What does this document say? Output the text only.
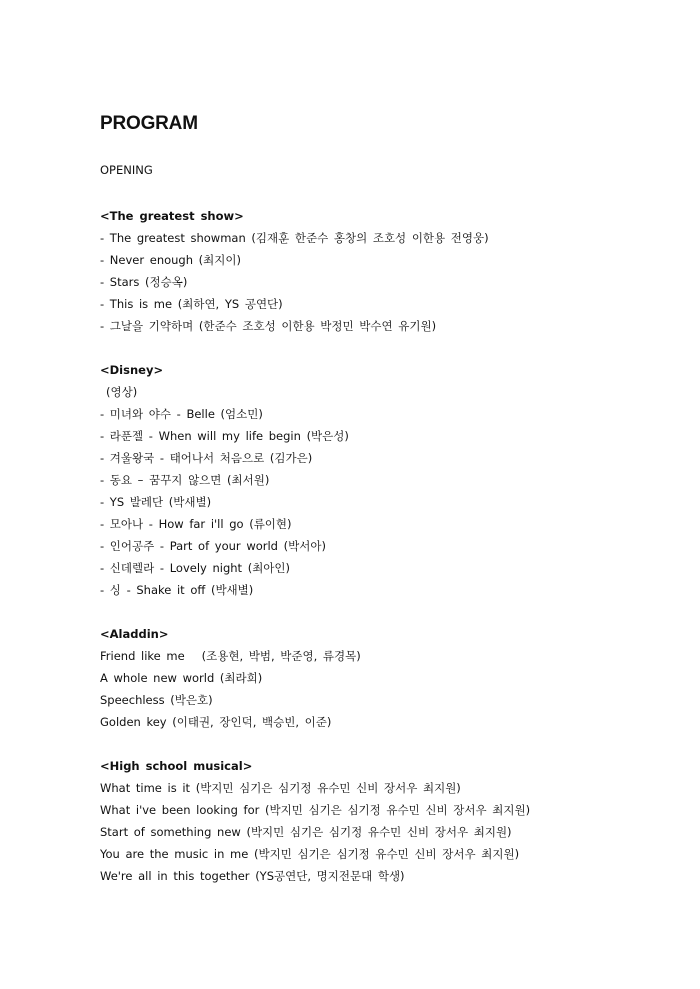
PROGRAM

OPENING

<The greatest show>

- The greatest showman (김재훈 한준수 홍창의 조호성 이한용 전영웅)

- Never enough (최지이)

- Stars (정승옥)

- This is me (최하연, YS 공연단)

- 그날을 기약하며 (한준수 조호성 이한용 박정민 박수연 유기원)

<Disney>

(영상)

- 미녀와 야수 - Belle (엄소민)

- 라푼젤 - When will my life begin (박은성)

- 겨울왕국 - 태어나서 처음으로 (김가은)

- 동요 – 꿈꾸지 않으면 (최서원)

- YS 발레단 (박새별)

- 모아나 - How far i'll go (류이현)

- 인어공주 - Part of your world (박서아)

- 신데렐라 - Lovely night (최아인)

- 싱 - Shake it off (박새별)

<Aladdin>

Friend like me   (조용현, 박범, 박준영, 류경목)

A whole new world (최라희)

Speechless (박은호)

Golden key (이태권, 장인덕, 백승빈, 이준)

<High school musical>

What time is it (박지민 심기은 심기정 유수민 신비 장서우 최지원)

What i've been looking for (박지민 심기은 심기정 유수민 신비 장서우 최지원)

Start of something new (박지민 심기은 심기정 유수민 신비 장서우 최지원)

You are the music in me (박지민 심기은 심기정 유수민 신비 장서우 최지원)

We're all in this together (YS공연단, 명지전문대 학생)
